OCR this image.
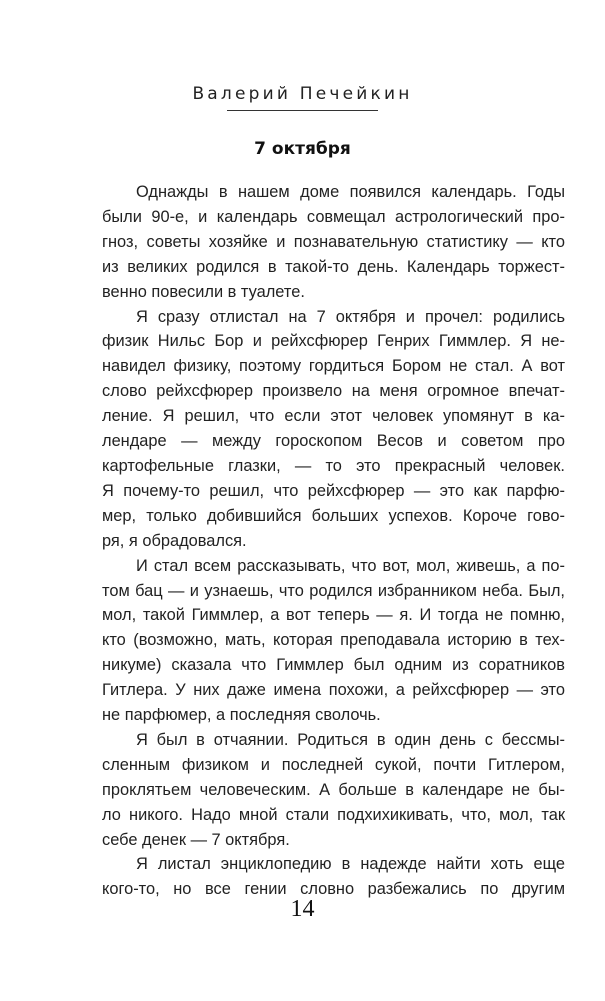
Валерий Печейкин
7 октября
Однажды в нашем доме появился календарь. Годы
были 90-е, и календарь совмещал астрологический про-
гноз, советы хозяйке и познавательную статистику — кто
из великих родился в такой-то день. Календарь торжест-
венно повесили в туалете.
Я сразу отлистал на 7 октября и прочел: родились
физик Нильс Бор и рейхсфюрер Генрих Гиммлер. Я не-
навидел физику, поэтому гордиться Бором не стал. А вот
слово рейхсфюрер произвело на меня огромное впечат-
ление. Я решил, что если этот человек упомянут в ка-
лендаре — между гороскопом Весов и советом про
картофельные глазки, — то это прекрасный человек.
Я почему-то решил, что рейхсфюрер — это как парфю-
мер, только добившийся больших успехов. Короче гово-
ря, я обрадовался.
И стал всем рассказывать, что вот, мол, живешь, а по-
том бац — и узнаешь, что родился избранником неба. Был,
мол, такой Гиммлер, а вот теперь — я. И тогда не помню,
кто (возможно, мать, которая преподавала историю в тех-
никуме) сказала что Гиммлер был одним из соратников
Гитлера. У них даже имена похожи, а рейхсфюрер — это
не парфюмер, а последняя сволочь.
Я был в отчаянии. Родиться в один день с бессмы-
сленным физиком и последней сукой, почти Гитлером,
проклятьем человеческим. А больше в календаре не бы-
ло никого. Надо мной стали подхихикивать, что, мол, так
себе денек — 7 октября.
Я листал энциклопедию в надежде найти хоть еще
кого-то, но все гении словно разбежались по другим
14
